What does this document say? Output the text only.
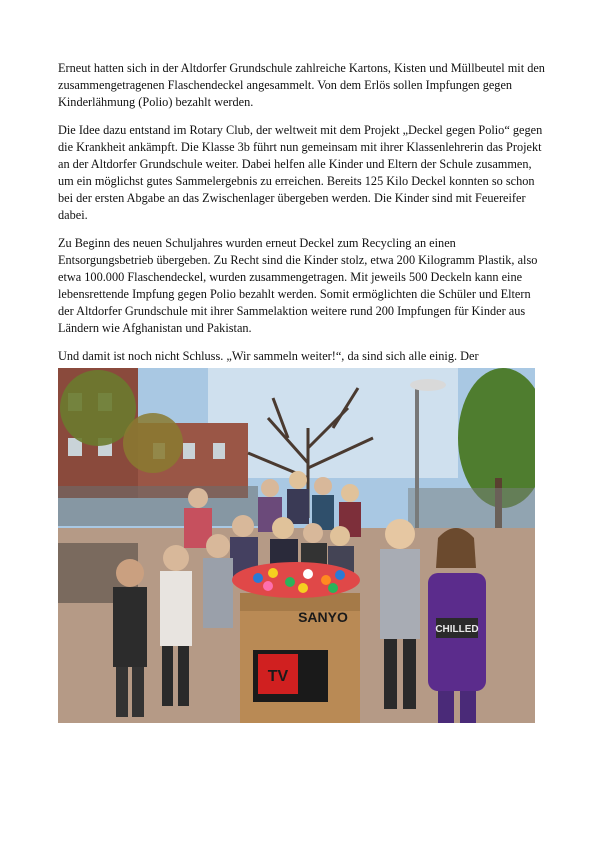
Erneut hatten sich in der Altdorfer Grundschule zahlreiche Kartons, Kisten und Müllbeutel mit den zusammengetragenen Flaschendeckel angesammelt. Von dem Erlös sollen Impfungen gegen Kinderlähmung (Polio) bezahlt werden.

Die Idee dazu entstand im Rotary Club, der weltweit mit dem Projekt „Deckel gegen Polio“ gegen die Krankheit ankämpft. Die Klasse 3b führt nun gemeinsam mit ihrer Klassenlehrerin das Projekt an der Altdorfer Grundschule weiter. Dabei helfen alle Kinder und Eltern der Schule zusammen, um ein möglichst gutes Sammelergebnis zu erreichen. Bereits 125 Kilo Deckel konnten so schon bei der ersten Abgabe an das Zwischenlager übergeben werden. Die Kinder sind mit Feuereifer dabei.

Zu Beginn des neuen Schuljahres wurden erneut Deckel zum Recycling an einen Entsorgungsbetrieb übergeben. Zu Recht sind die Kinder stolz, etwa 200 Kilogramm Plastik, also etwa 100.000 Flaschendeckel, wurden zusammengetragen. Mit jeweils 500 Deckeln kann eine lebensrettende Impfung gegen Polio bezahlt werden. Somit ermöglichten die Schüler und Eltern der Altdorfer Grundschule mit ihrer Sammelaktion weitere rund 200 Impfungen für Kinder aus Ländern wie Afghanistan und Pakistan.

Und damit ist noch nicht Schluss. „Wir sammeln weiter!“, da sind sich alle einig. Der

CHILLED
SANYO
TV
